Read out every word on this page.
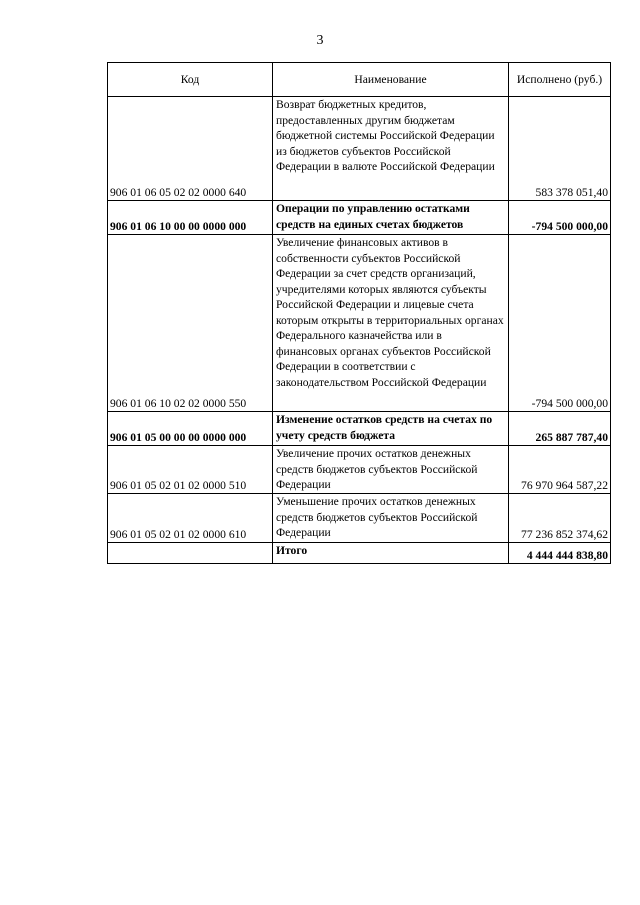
3
Код	Наименование	Исполнено (руб.)
906 01 06 05 02 02 0000 640	Возврат бюджетных кредитов, предоставленных другим бюджетам бюджетной системы Российской Федерации из бюджетов субъектов Российской Федерации в валюте Российской Федерации	583 378 051,40
906 01 06 10 00 00 0000 000	Операции по управлению остатками средств на единых счетах бюджетов	-794 500 000,00
906 01 06 10 02 02 0000 550	Увеличение финансовых активов в собственности субъектов Российской Федерации за счет средств организаций, учредителями которых являются субъекты Российской Федерации и лицевые счета которым открыты в территориальных органах Федерального казначейства или в финансовых органах субъектов Российской Федерации в соответствии с законодательством Российской Федерации	-794 500 000,00
906 01 05 00 00 00 0000 000	Изменение остатков средств на счетах по учету средств бюджета	265 887 787,40
906 01 05 02 01 02 0000 510	Увеличение прочих остатков денежных средств бюджетов субъектов Российской Федерации	76 970 964 587,22
906 01 05 02 01 02 0000 610	Уменьшение прочих остатков денежных средств бюджетов субъектов Российской Федерации	77 236 852 374,62
	Итого	4 444 444 838,80
